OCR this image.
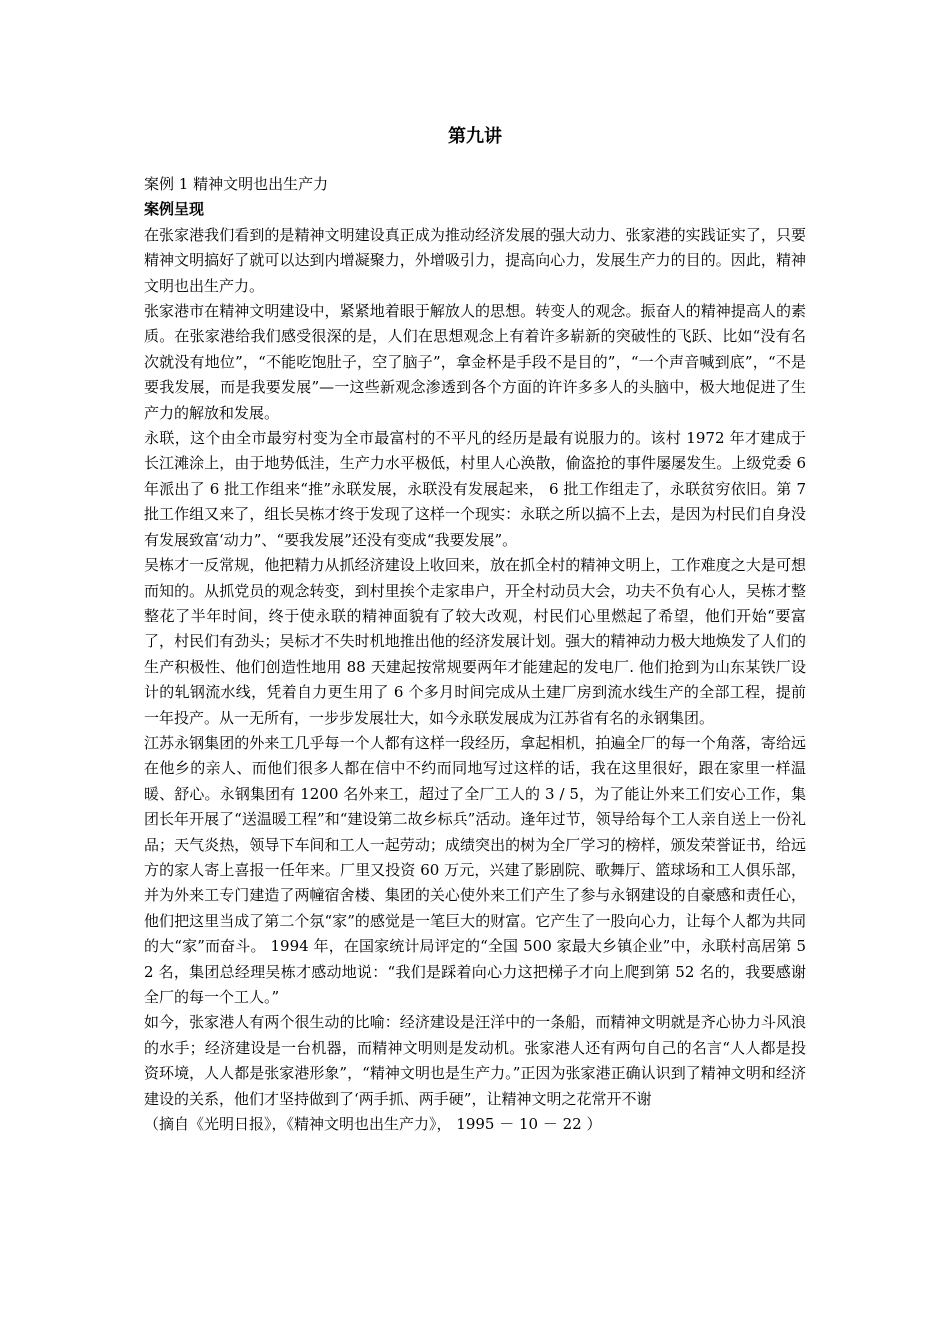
第九讲

案例 1 精神文明也出生产力

案例呈现

在张家港我们看到的是精神文明建设真正成为推动经济发展的强大动力、张家港的实践证实了，只要精神文明搞好了就可以达到内增凝聚力，外增吸引力，提高向心力，发展生产力的目的。因此，精神文明也出生产力。

张家港市在精神文明建设中，紧紧地着眼于解放人的思想。转变人的观念。振奋人的精神提高人的素质。在张家港给我们感受很深的是，人们在思想观念上有着许多崭新的突破性的飞跃、比如“没有名次就没有地位”，“不能吃饱肚子，空了脑子”，拿金杯是手段不是目的”，“一个声音喊到底”，“不是要我发展，而是我要发展”—一这些新观念渗透到各个方面的许许多多人的头脑中，极大地促进了生产力的解放和发展。

永联，这个由全市最穷村变为全市最富村的不平凡的经历是最有说服力的。该村 1972 年才建成于长江滩涂上，由于地势低洼，生产力水平极低，村里人心涣散，偷盗抢的事件屡屡发生。上级党委 6 年派出了 6 批工作组来“推”永联发展，永联没有发展起来， 6 批工作组走了，永联贫穷依旧。第 7 批工作组又来了，组长吴栋才终于发现了这样一个现实：永联之所以搞不上去，是因为村民们自身没有发展致富‘动力”、“要我发展”还没有变成“我要发展”。

吴栋才一反常规，他把精力从抓经济建设上收回来，放在抓全村的精神文明上，工作难度之大是可想而知的。从抓党员的观念转变，到村里挨个走家串户，开全村动员大会，功夫不负有心人，吴栋才整整花了半年时间，终于使永联的精神面貌有了较大改观，村民们心里燃起了希望，他们开始“要富了，村民们有劲头；吴标才不失时机地推出他的经济发展计划。强大的精神动力极大地焕发了人们的生产积极性、他们创造性地用 88 天建起按常规要两年才能建起的发电厂. 他们抢到为山东某铁厂设计的轧钢流水线，凭着自力更生用了 6 个多月时间完成从土建厂房到流水线生产的全部工程，提前一年投产。从一无所有，一步步发展壮大，如今永联发展成为江苏省有名的永钢集团。

江苏永钢集团的外来工几乎每一个人都有这样一段经历，拿起相机，拍遍全厂的每一个角落，寄给远在他乡的亲人、而他们很多人都在信中不约而同地写过这样的话，我在这里很好，跟在家里一样温暖、舒心。永钢集团有 1200 名外来工，超过了全厂工人的 3 / 5，为了能让外来工们安心工作，集团长年开展了“送温暖工程”和“建设第二故乡标兵”活动。逢年过节，领导给每个工人亲自送上一份礼品；天气炎热，领导下车间和工人一起劳动；成绩突出的树为全厂学习的榜样，颁发荣誉证书，给远方的家人寄上喜报一任年来。厂里又投资 60 万元，兴建了影剧院、歌舞厅、篮球场和工人俱乐部，并为外来工专门建造了两幢宿舍楼、集团的关心使外来工们产生了参与永钢建设的自豪感和责任心，他们把这里当成了第二个氛“家”的感觉是一笔巨大的财富。它产生了一股向心力，让每个人都为共同的大“家”而奋斗。 1994 年，在国家统计局评定的“全国 500 家最大乡镇企业”中，永联村高居第 52 名，集团总经理吴栋才感动地说：“我们是踩着向心力这把梯子才向上爬到第 52 名的，我要感谢全厂的每一个工人。”

如今，张家港人有两个很生动的比喻：经济建设是汪洋中的一条船，而精神文明就是齐心协力斗风浪的水手；经济建设是一台机器，而精神文明则是发动机。张家港人还有两句自己的名言“人人都是投资环境，人人都是张家港形象”，“精神文明也是生产力。”正因为张家港正确认识到了精神文明和经济建设的关系，他们才坚持做到了‘两手抓、两手硬”，让精神文明之花常开不谢

（摘自《光明日报》，《精神文明也出生产力》， 1995 － 10 － 22 ）
